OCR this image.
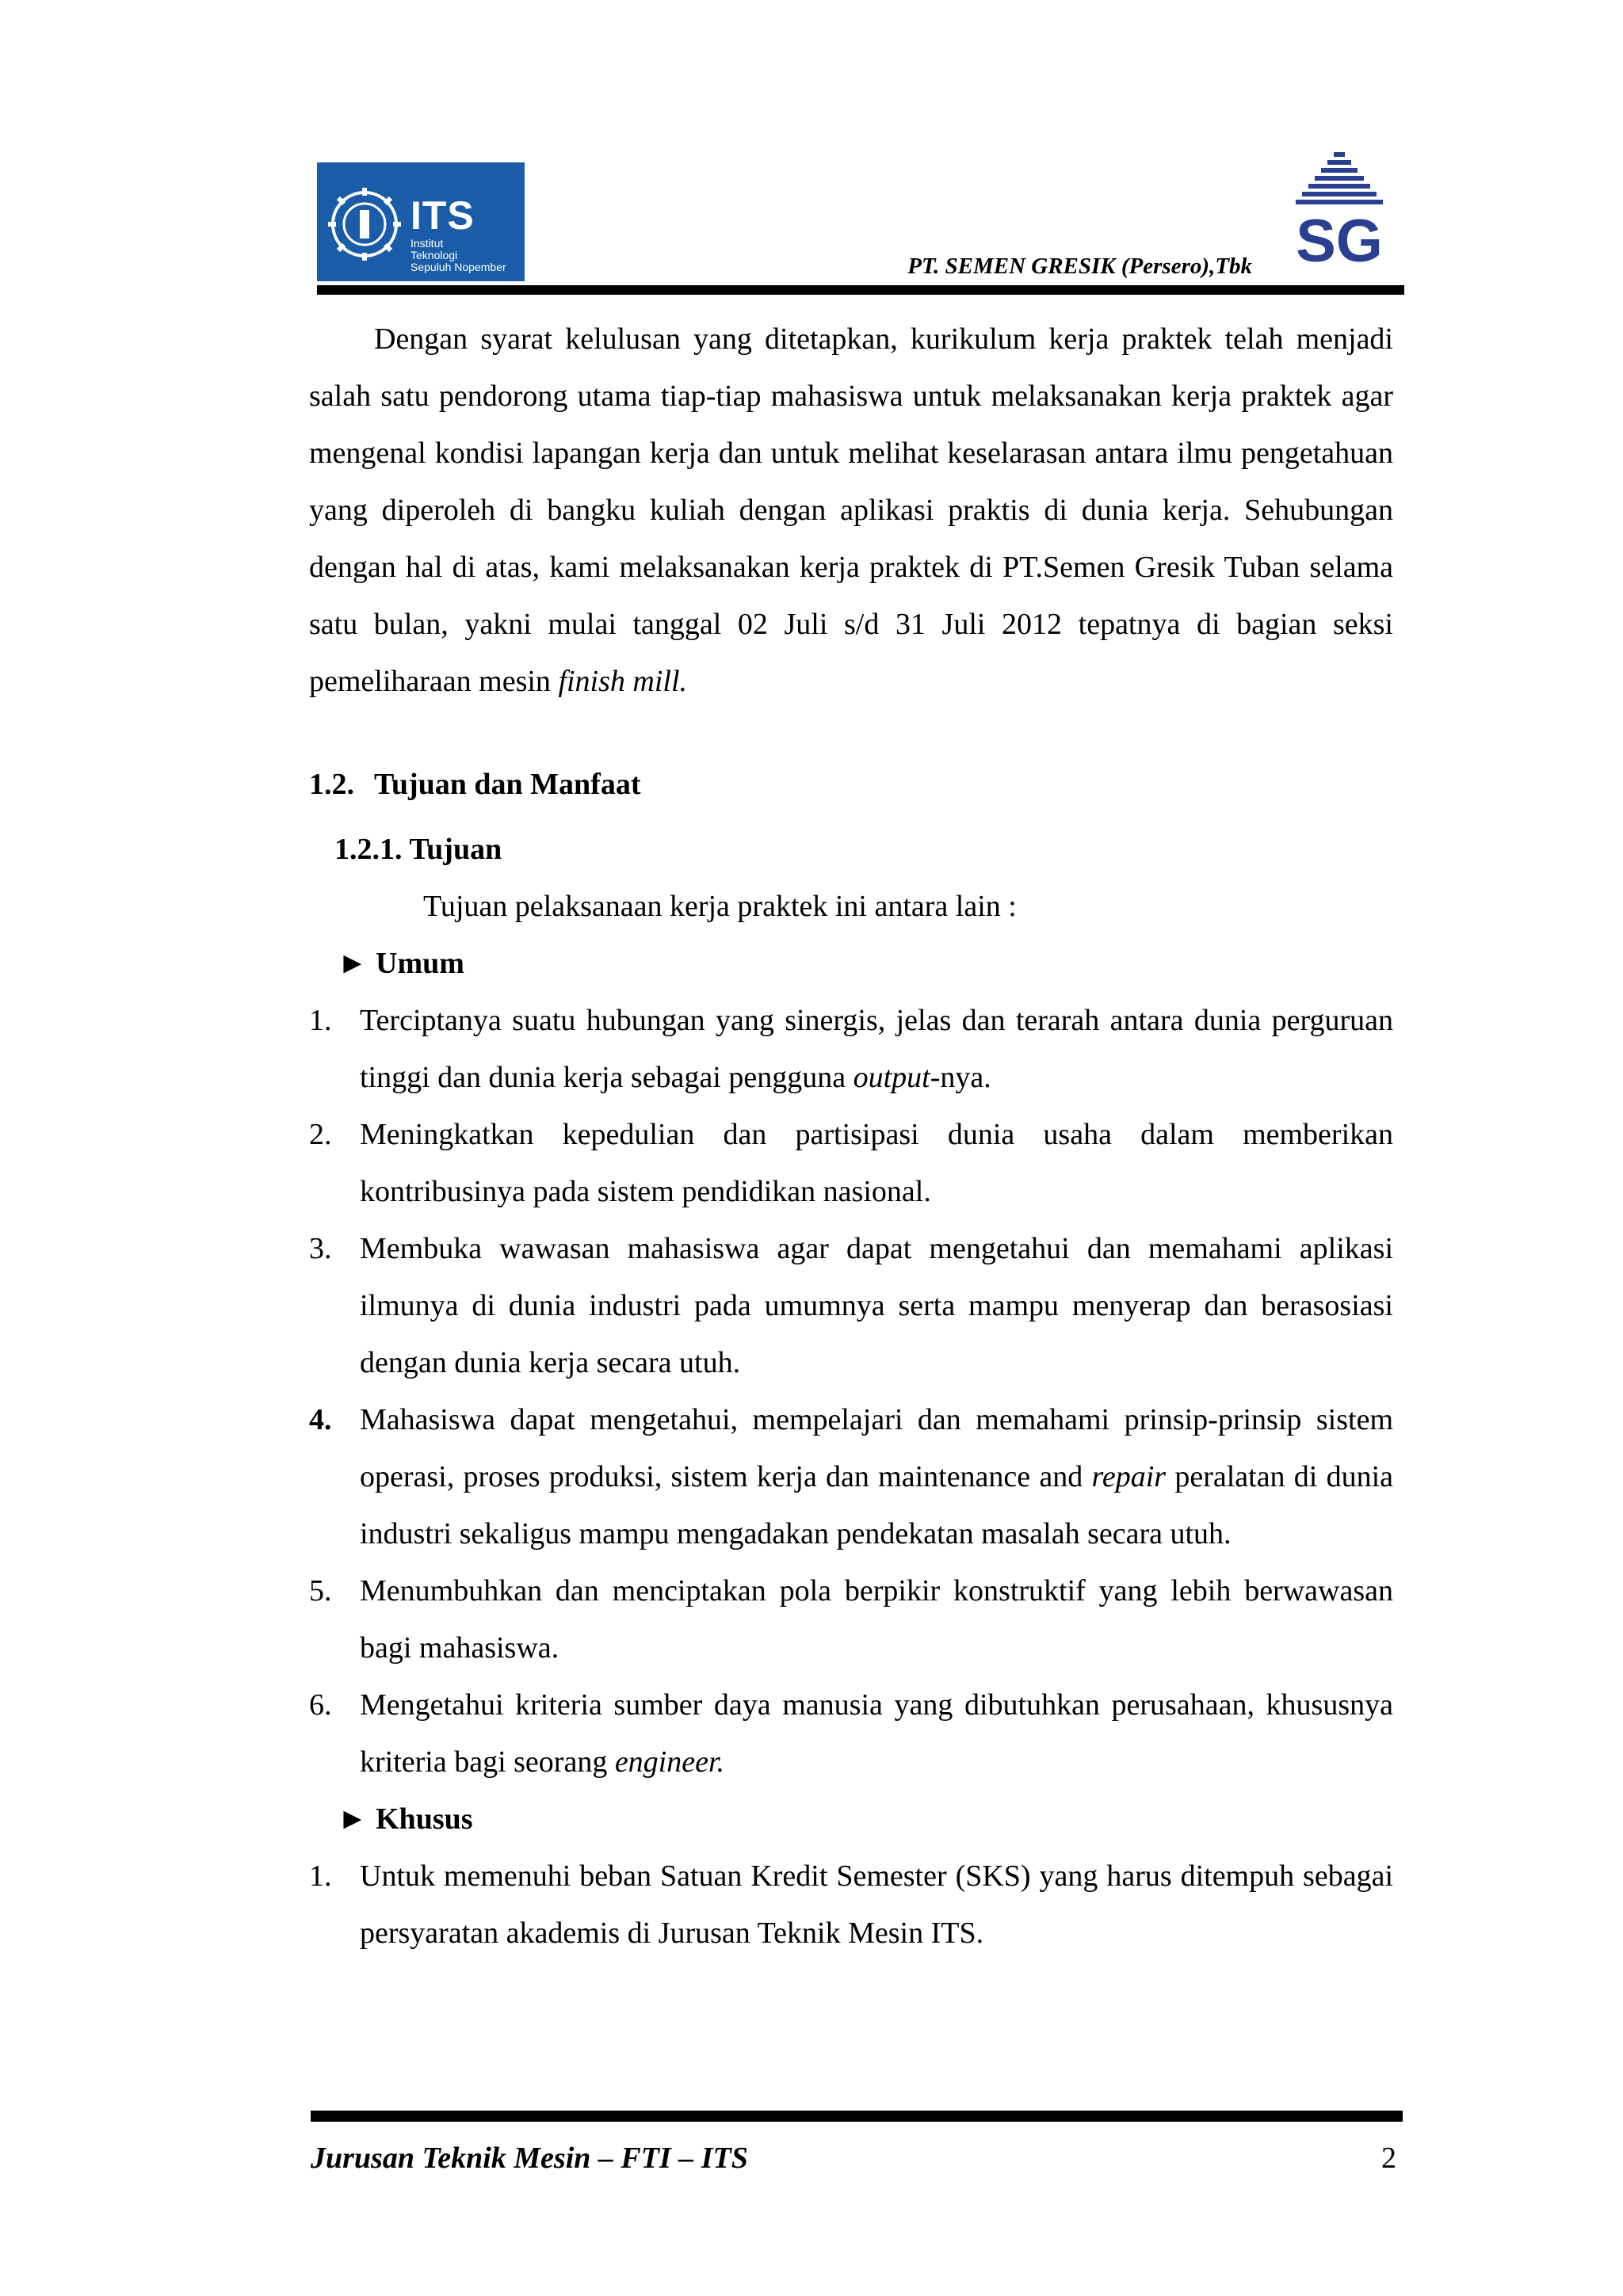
ITS
Institut
Teknologi
Sepuluh Nopember	PT. SEMEN GRESIK (Persero),Tbk SG

Dengan syarat kelulusan yang ditetapkan, kurikulum kerja praktek telah menjadi salah satu pendorong utama tiap-tiap mahasiswa untuk melaksanakan kerja praktek agar mengenal kondisi lapangan kerja dan untuk melihat keselarasan antara ilmu pengetahuan yang diperoleh di bangku kuliah dengan aplikasi praktis di dunia kerja. Sehubungan dengan hal di atas, kami melaksanakan kerja praktek di PT.Semen Gresik Tuban selama satu bulan, yakni mulai tanggal 02 Juli s/d 31 Juli 2012 tepatnya di bagian seksi pemeliharaan mesin finish mill.

1.2. Tujuan dan Manfaat
1.2.1. Tujuan
Tujuan pelaksanaan kerja praktek ini antara lain :
► Umum
1. Terciptanya suatu hubungan yang sinergis, jelas dan terarah antara dunia perguruan tinggi dan dunia kerja sebagai pengguna output-nya.
2. Meningkatkan kepedulian dan partisipasi dunia usaha dalam memberikan kontribusinya pada sistem pendidikan nasional.
3. Membuka wawasan mahasiswa agar dapat mengetahui dan memahami aplikasi ilmunya di dunia industri pada umumnya serta mampu menyerap dan berasosiasi dengan dunia kerja secara utuh.
4. Mahasiswa dapat mengetahui, mempelajari dan memahami prinsip-prinsip sistem operasi, proses produksi, sistem kerja dan maintenance and repair peralatan di dunia industri sekaligus mampu mengadakan pendekatan masalah secara utuh.
5. Menumbuhkan dan menciptakan pola berpikir konstruktif yang lebih berwawasan bagi mahasiswa.
6. Mengetahui kriteria sumber daya manusia yang dibutuhkan perusahaan, khususnya kriteria bagi seorang engineer.
► Khusus
1. Untuk memenuhi beban Satuan Kredit Semester (SKS) yang harus ditempuh sebagai persyaratan akademis di Jurusan Teknik Mesin ITS.
Jurusan Teknik Mesin – FTI – ITS	2
